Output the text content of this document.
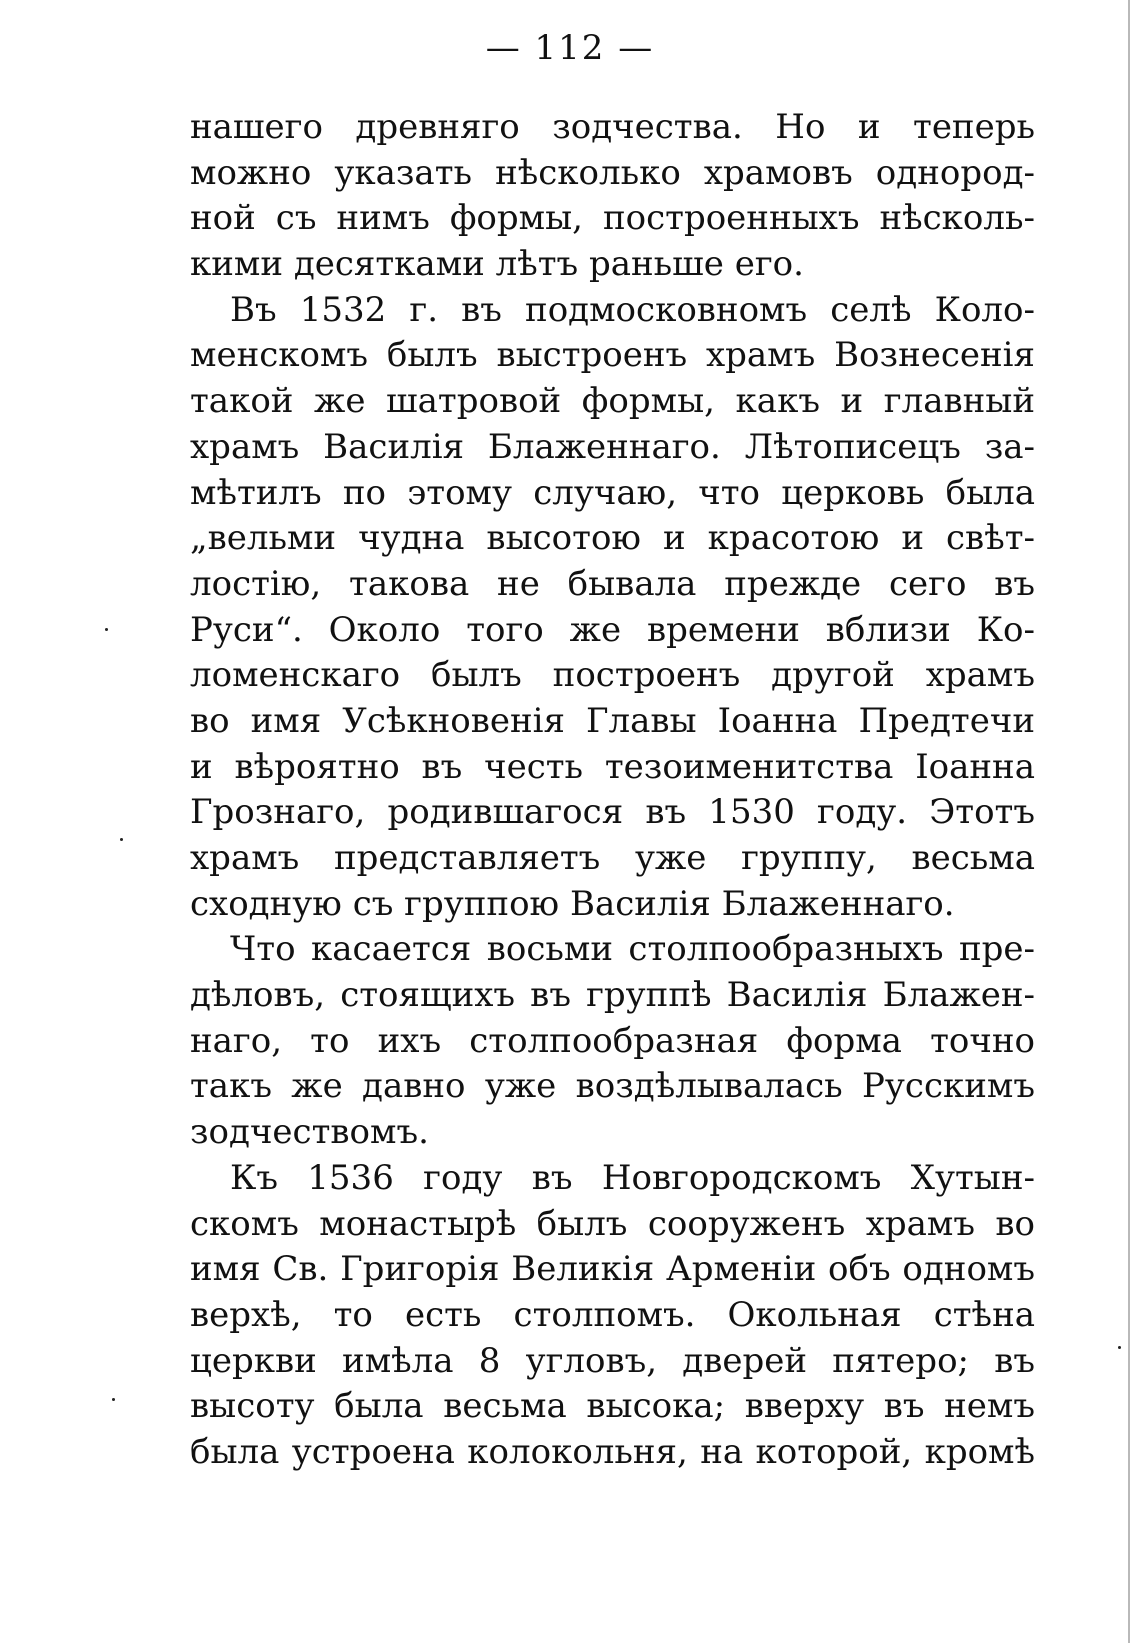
— 112 —
нашего древняго зодчества. Но и теперь
можно указать нѣсколько храмовъ однород-
ной съ нимъ формы, построенныхъ нѣсколь-
кими десятками лѣтъ раньше его.
Въ 1532 г. въ подмосковномъ селѣ Коло-
менскомъ былъ выстроенъ храмъ Вознесенія
такой же шатровой формы, какъ и главный
храмъ Василія Блаженнаго. Лѣтописецъ за-
мѣтилъ по этому случаю, что церковь была
„вельми чудна высотою и красотою и свѣт-
лостію, такова не бывала прежде сего въ
Руси“. Около того же времени вблизи Ко-
ломенскаго былъ построенъ другой храмъ
во имя Усѣкновенія Главы Іоанна Предтечи
и вѣроятно въ честь тезоименитства Іоанна
Грознаго, родившагося въ 1530 году. Этотъ
храмъ представляетъ уже группу, весьма
сходную съ группою Василія Блаженнаго.
Что касается восьми столпообразныхъ пре-
дѣловъ, стоящихъ въ группѣ Василія Блажен-
наго, то ихъ столпообразная форма точно
такъ же давно уже воздѣлывалась Русскимъ
зодчествомъ.
Къ 1536 году въ Новгородскомъ Хутын-
скомъ монастырѣ былъ сооруженъ храмъ во
имя Св. Григорія Великія Арменіи объ одномъ
верхѣ, то есть столпомъ. Окольная стѣна
церкви имѣла 8 угловъ, дверей пятеро; въ
высоту была весьма высока; вверху въ немъ
была устроена колокольня, на которой, кромѣ
